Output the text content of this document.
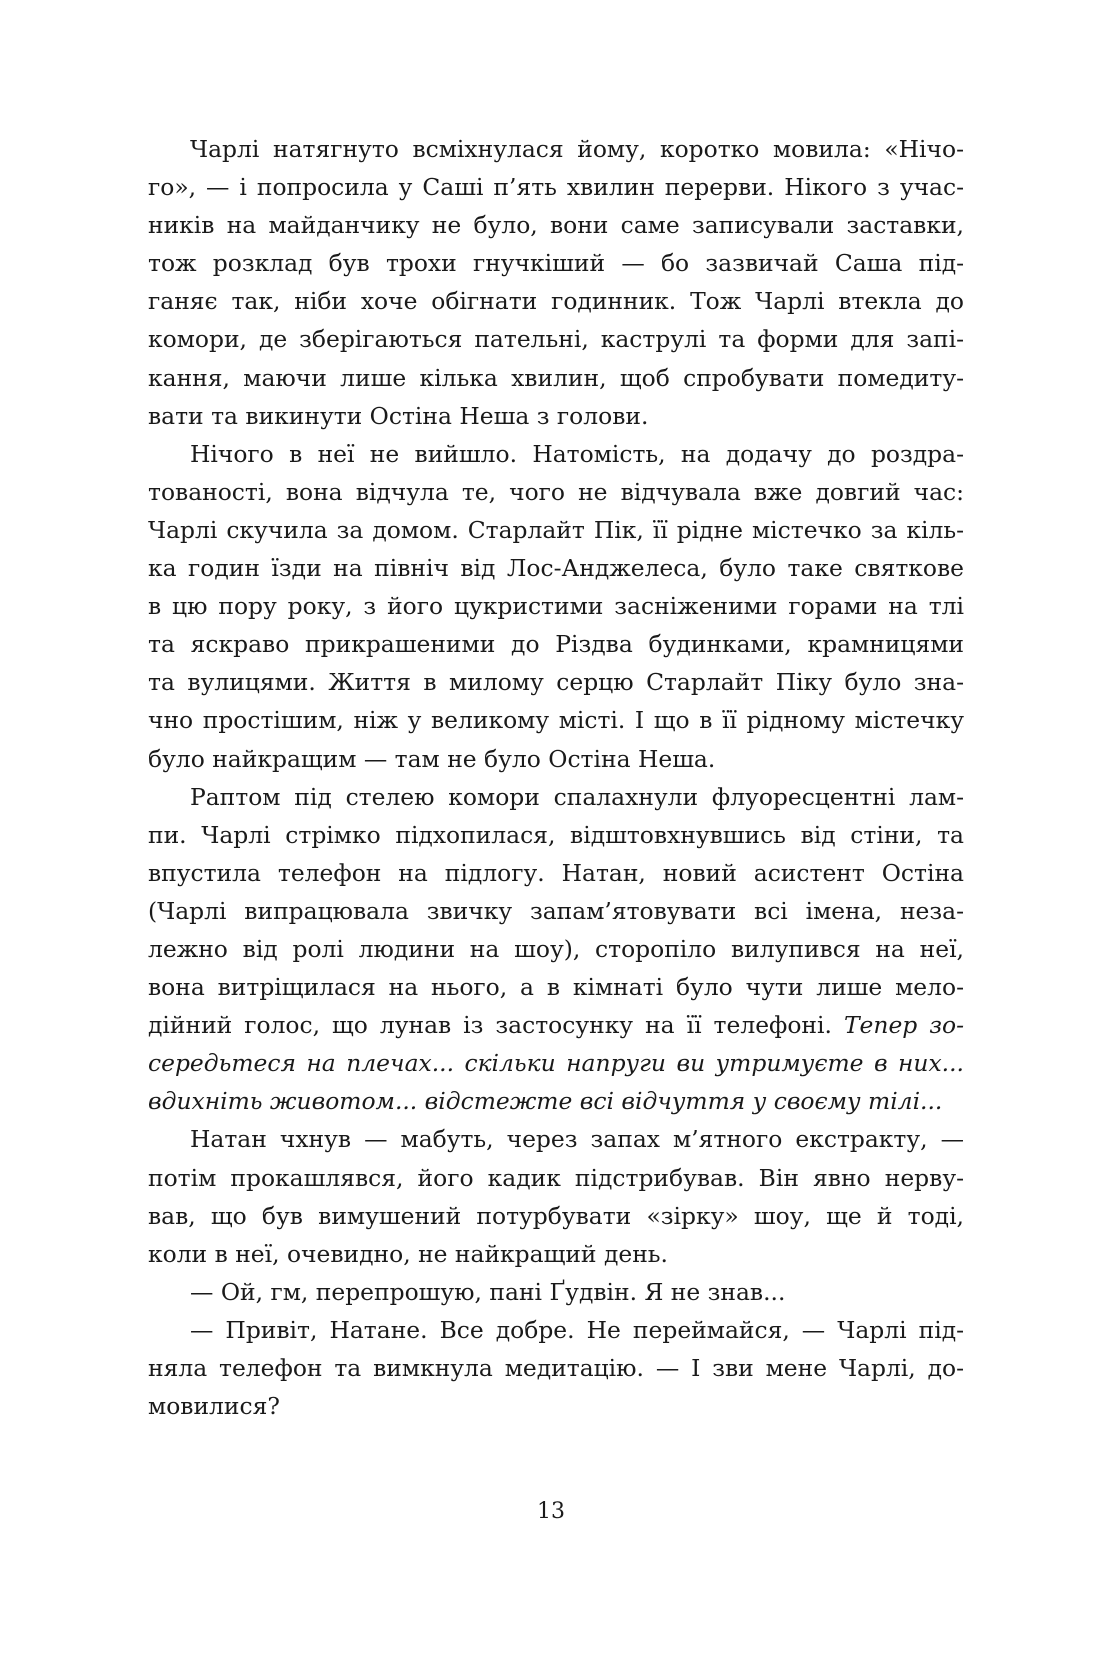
Чарлі натягнуто всміхнулася йому, коротко мовила: «Нічо-
го», — і попросила у Саші п’ять хвилин перерви. Нікого з учас-
ників на майданчику не було, вони саме записували заставки,
тож розклад був трохи гнучкіший — бо зазвичай Саша під-
ганяє так, ніби хоче обігнати годинник. Тож Чарлі втекла до
комори, де зберігаються пательні, каструлі та форми для запі-
кання, маючи лише кілька хвилин, щоб спробувати помедиту-
вати та викинути Остіна Неша з голови.
Нічого в неї не вийшло. Натомість, на додачу до роздра-
тованості, вона відчула те, чого не відчувала вже довгий час:
Чарлі скучила за домом. Старлайт Пік, її рідне містечко за кіль-
ка годин їзди на північ від Лос-Анджелеса, було таке святкове
в цю пору року, з його цукристими засніженими горами на тлі
та яскраво прикрашеними до Різдва будинками, крамницями
та вулицями. Життя в милому серцю Старлайт Піку було зна-
чно простішим, ніж у великому місті. І що в її рідному містечку
було найкращим — там не було Остіна Неша.
Раптом під стелею комори спалахнули флуоресцентні лам-
пи. Чарлі стрімко підхопилася, відштовхнувшись від стіни, та
впустила телефон на підлогу. Натан, новий асистент Остіна
(Чарлі випрацювала звичку запам’ятовувати всі імена, неза-
лежно від ролі людини на шоу), сторопіло вилупився на неї,
вона витріщилася на нього, а в кімнаті було чути лише мело-
дійний голос, що лунав із застосунку на її телефоні. Тепер зо-
середьтеся на плечах... скільки напруги ви утримуєте в них...
вдихніть животом... відстежте всі відчуття у своєму тілі...
Натан чхнув — мабуть, через запах м’ятного екстракту, —
потім прокашлявся, його кадик підстрибував. Він явно нерву-
вав, що був вимушений потурбувати «зірку» шоу, ще й тоді,
коли в неї, очевидно, не найкращий день.
— Ой, гм, перепрошую, пані Ґудвін. Я не знав...
— Привіт, Натане. Все добре. Не переймайся, — Чарлі під-
няла телефон та вимкнула медитацію. — І зви мене Чарлі, до-
мовилися?
13
